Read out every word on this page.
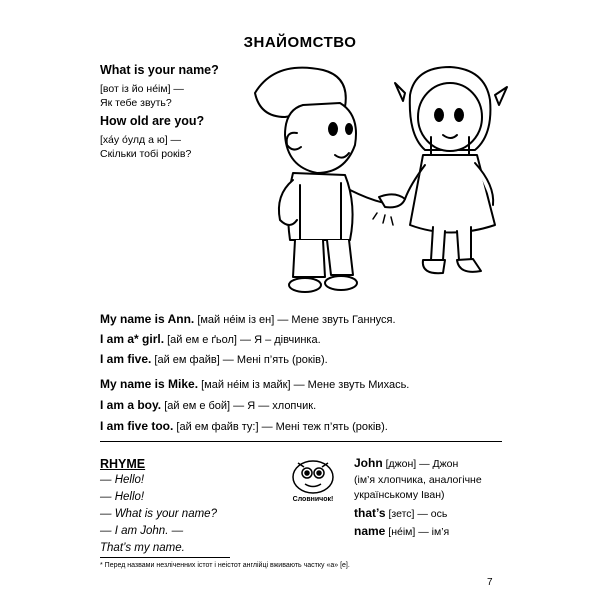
ЗНАЙОМСТВО
What is your name?
[вот із йо не́ім] —
Як тебе звуть?
How old are you?
[ха́у о́улд а ю] —
Скільки тобі років?
My name is Ann. [май не́ім із ен] — Мене звуть Ганнуся.
I am a* girl. [ай ем е ґьол] — Я – дівчинка.
I am five. [ай ем файв] — Мені п’ять (років).
My name is Mike. [май не́ім із майк] — Мене звуть Михась.
I am a boy. [ай ем е бой] — Я — хлопчик.
I am five too. [ай ем файв ту:] — Мені теж п’ять (років).
RHYME
— Hello!
— Hello!
— What is your name?
— I am John. —
That’s my name.
Словничок!
John [джон] — Джон
(ім’я хлопчика, аналогічне
українському Іван)
that’s [зетс] — ось
name [не́ім] — ім’я
* Перед назвами незліченних істот і неістот англійці вживають частку «a» [е].
7
